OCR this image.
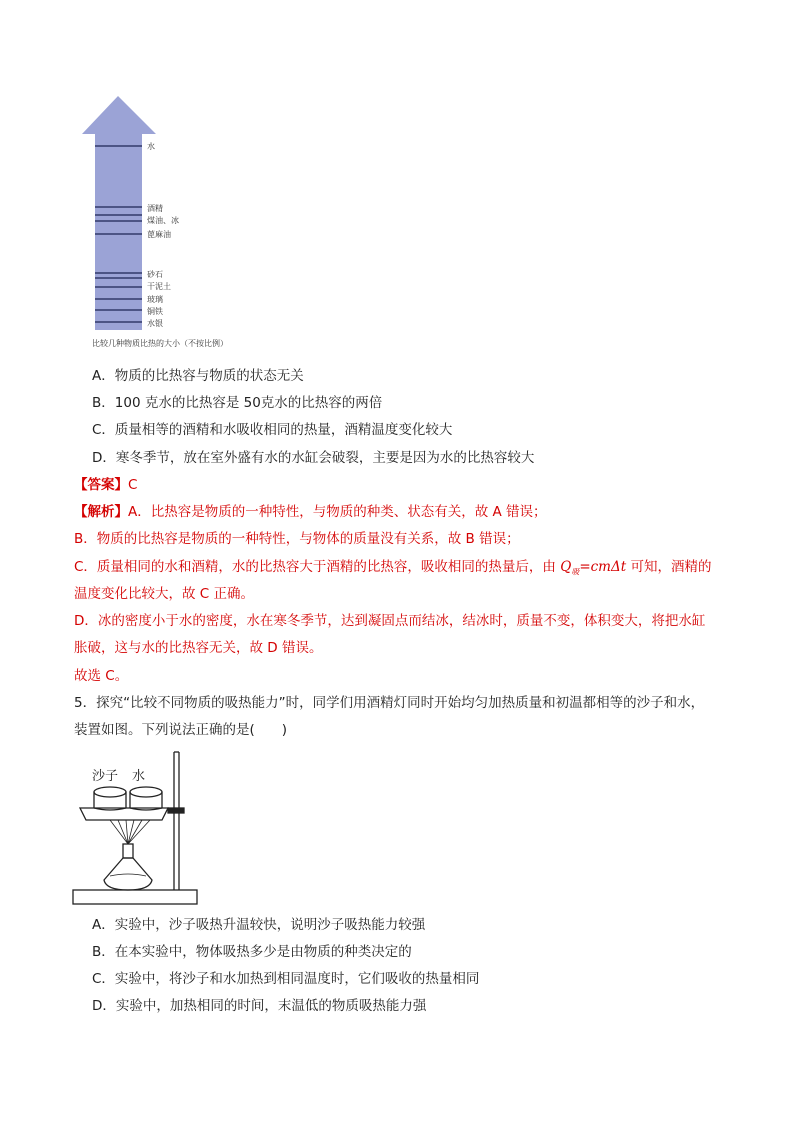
水
酒精
煤油、冰
蓖麻油
砂石
干泥土
玻璃
铜铁
水银
比较几种物质比热的大小（不按比例）
A．物质的比热容与物质的状态无关
B．100 克水的比热容是 50克水的比热容的两倍
C．质量相等的酒精和水吸收相同的热量，酒精温度变化较大
D．寒冬季节，放在室外盛有水的水缸会破裂，主要是因为水的比热容较大
【答案】C
【解析】A．比热容是物质的一种特性，与物质的种类、状态有关，故 A 错误；
B．物质的比热容是物质的一种特性，与物体的质量没有关系，故 B 错误；
C．质量相同的水和酒精，水的比热容大于酒精的比热容，吸收相同的热量后，由 $Q_吸=cm\Delta t$ 可知，酒精的
温度变化比较大，故 C 正确。
D．冰的密度小于水的密度，水在寒冬季节，达到凝固点而结冰，结冰时，质量不变，体积变大，将把水缸
胀破，这与水的比热容无关，故 D 错误。
故选 C。
5．探究“比较不同物质的吸热能力”时，同学们用酒精灯同时开始均匀加热质量和初温都相等的沙子和水，
装置如图。下列说法正确的是(　　)
沙子 水
A．实验中，沙子吸热升温较快，说明沙子吸热能力较强
B．在本实验中，物体吸热多少是由物质的种类决定的
C．实验中，将沙子和水加热到相同温度时，它们吸收的热量相同
D．实验中，加热相同的时间，末温低的物质吸热能力强
